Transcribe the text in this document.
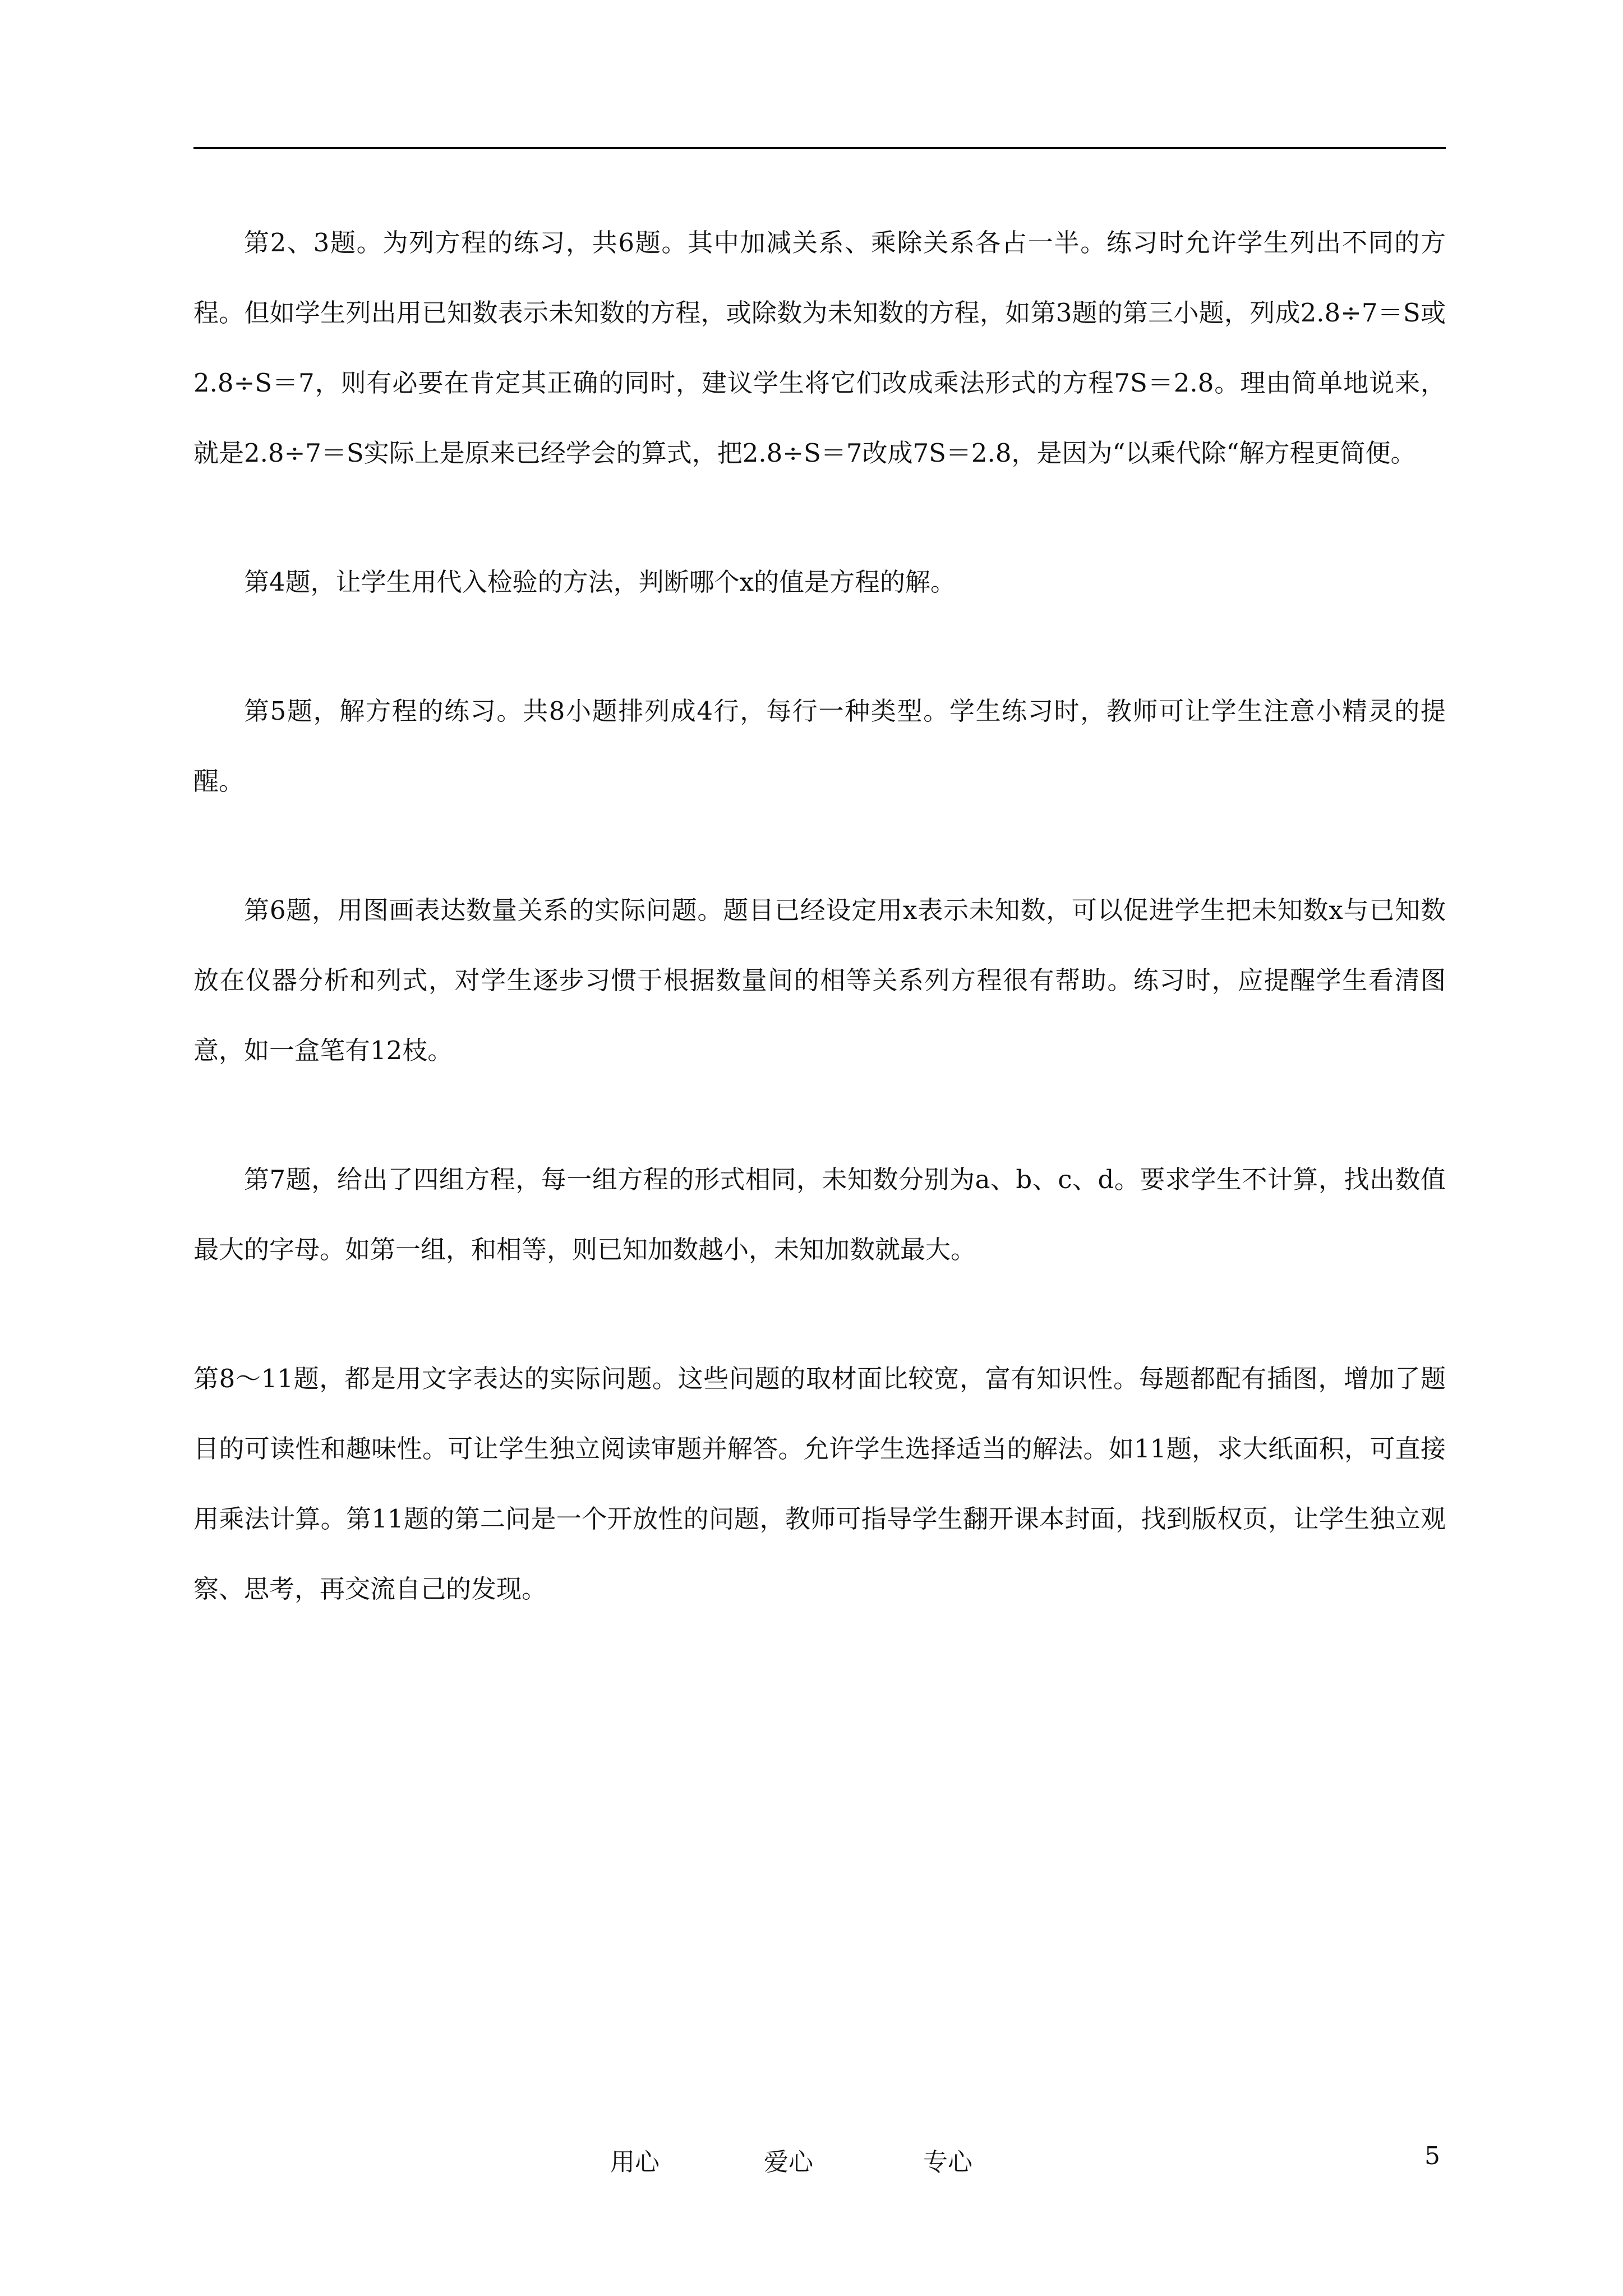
第2、3题。为列方程的练习，共6题。其中加减关系、乘除关系各占一半。练习时允许学生列出不同的方程。但如学生列出用已知数表示未知数的方程，或除数为未知数的方程，如第3题的第三小题，列成2.8÷7＝S或2.8÷S＝7，则有必要在肯定其正确的同时，建议学生将它们改成乘法形式的方程7S＝2.8。理由简单地说来，就是2.8÷7＝S实际上是原来已经学会的算式，把2.8÷S＝7改成7S＝2.8，是因为“以乘代除“解方程更简便。

第4题，让学生用代入检验的方法，判断哪个x的值是方程的解。

第5题，解方程的练习。共8小题排列成4行，每行一种类型。学生练习时，教师可让学生注意小精灵的提醒。

第6题，用图画表达数量关系的实际问题。题目已经设定用x表示未知数，可以促进学生把未知数x与已知数放在仪器分析和列式，对学生逐步习惯于根据数量间的相等关系列方程很有帮助。练习时，应提醒学生看清图意，如一盒笔有12枝。

第7题，给出了四组方程，每一组方程的形式相同，未知数分别为a、b、c、d。要求学生不计算，找出数值最大的字母。如第一组，和相等，则已知加数越小，未知加数就最大。

第8～11题，都是用文字表达的实际问题。这些问题的取材面比较宽，富有知识性。每题都配有插图，增加了题目的可读性和趣味性。可让学生独立阅读审题并解答。允许学生选择适当的解法。如11题，求大纸面积，可直接用乘法计算。第11题的第二问是一个开放性的问题，教师可指导学生翻开课本封面，找到版权页，让学生独立观察、思考，再交流自己的发现。

用心	爱心	专心	5
